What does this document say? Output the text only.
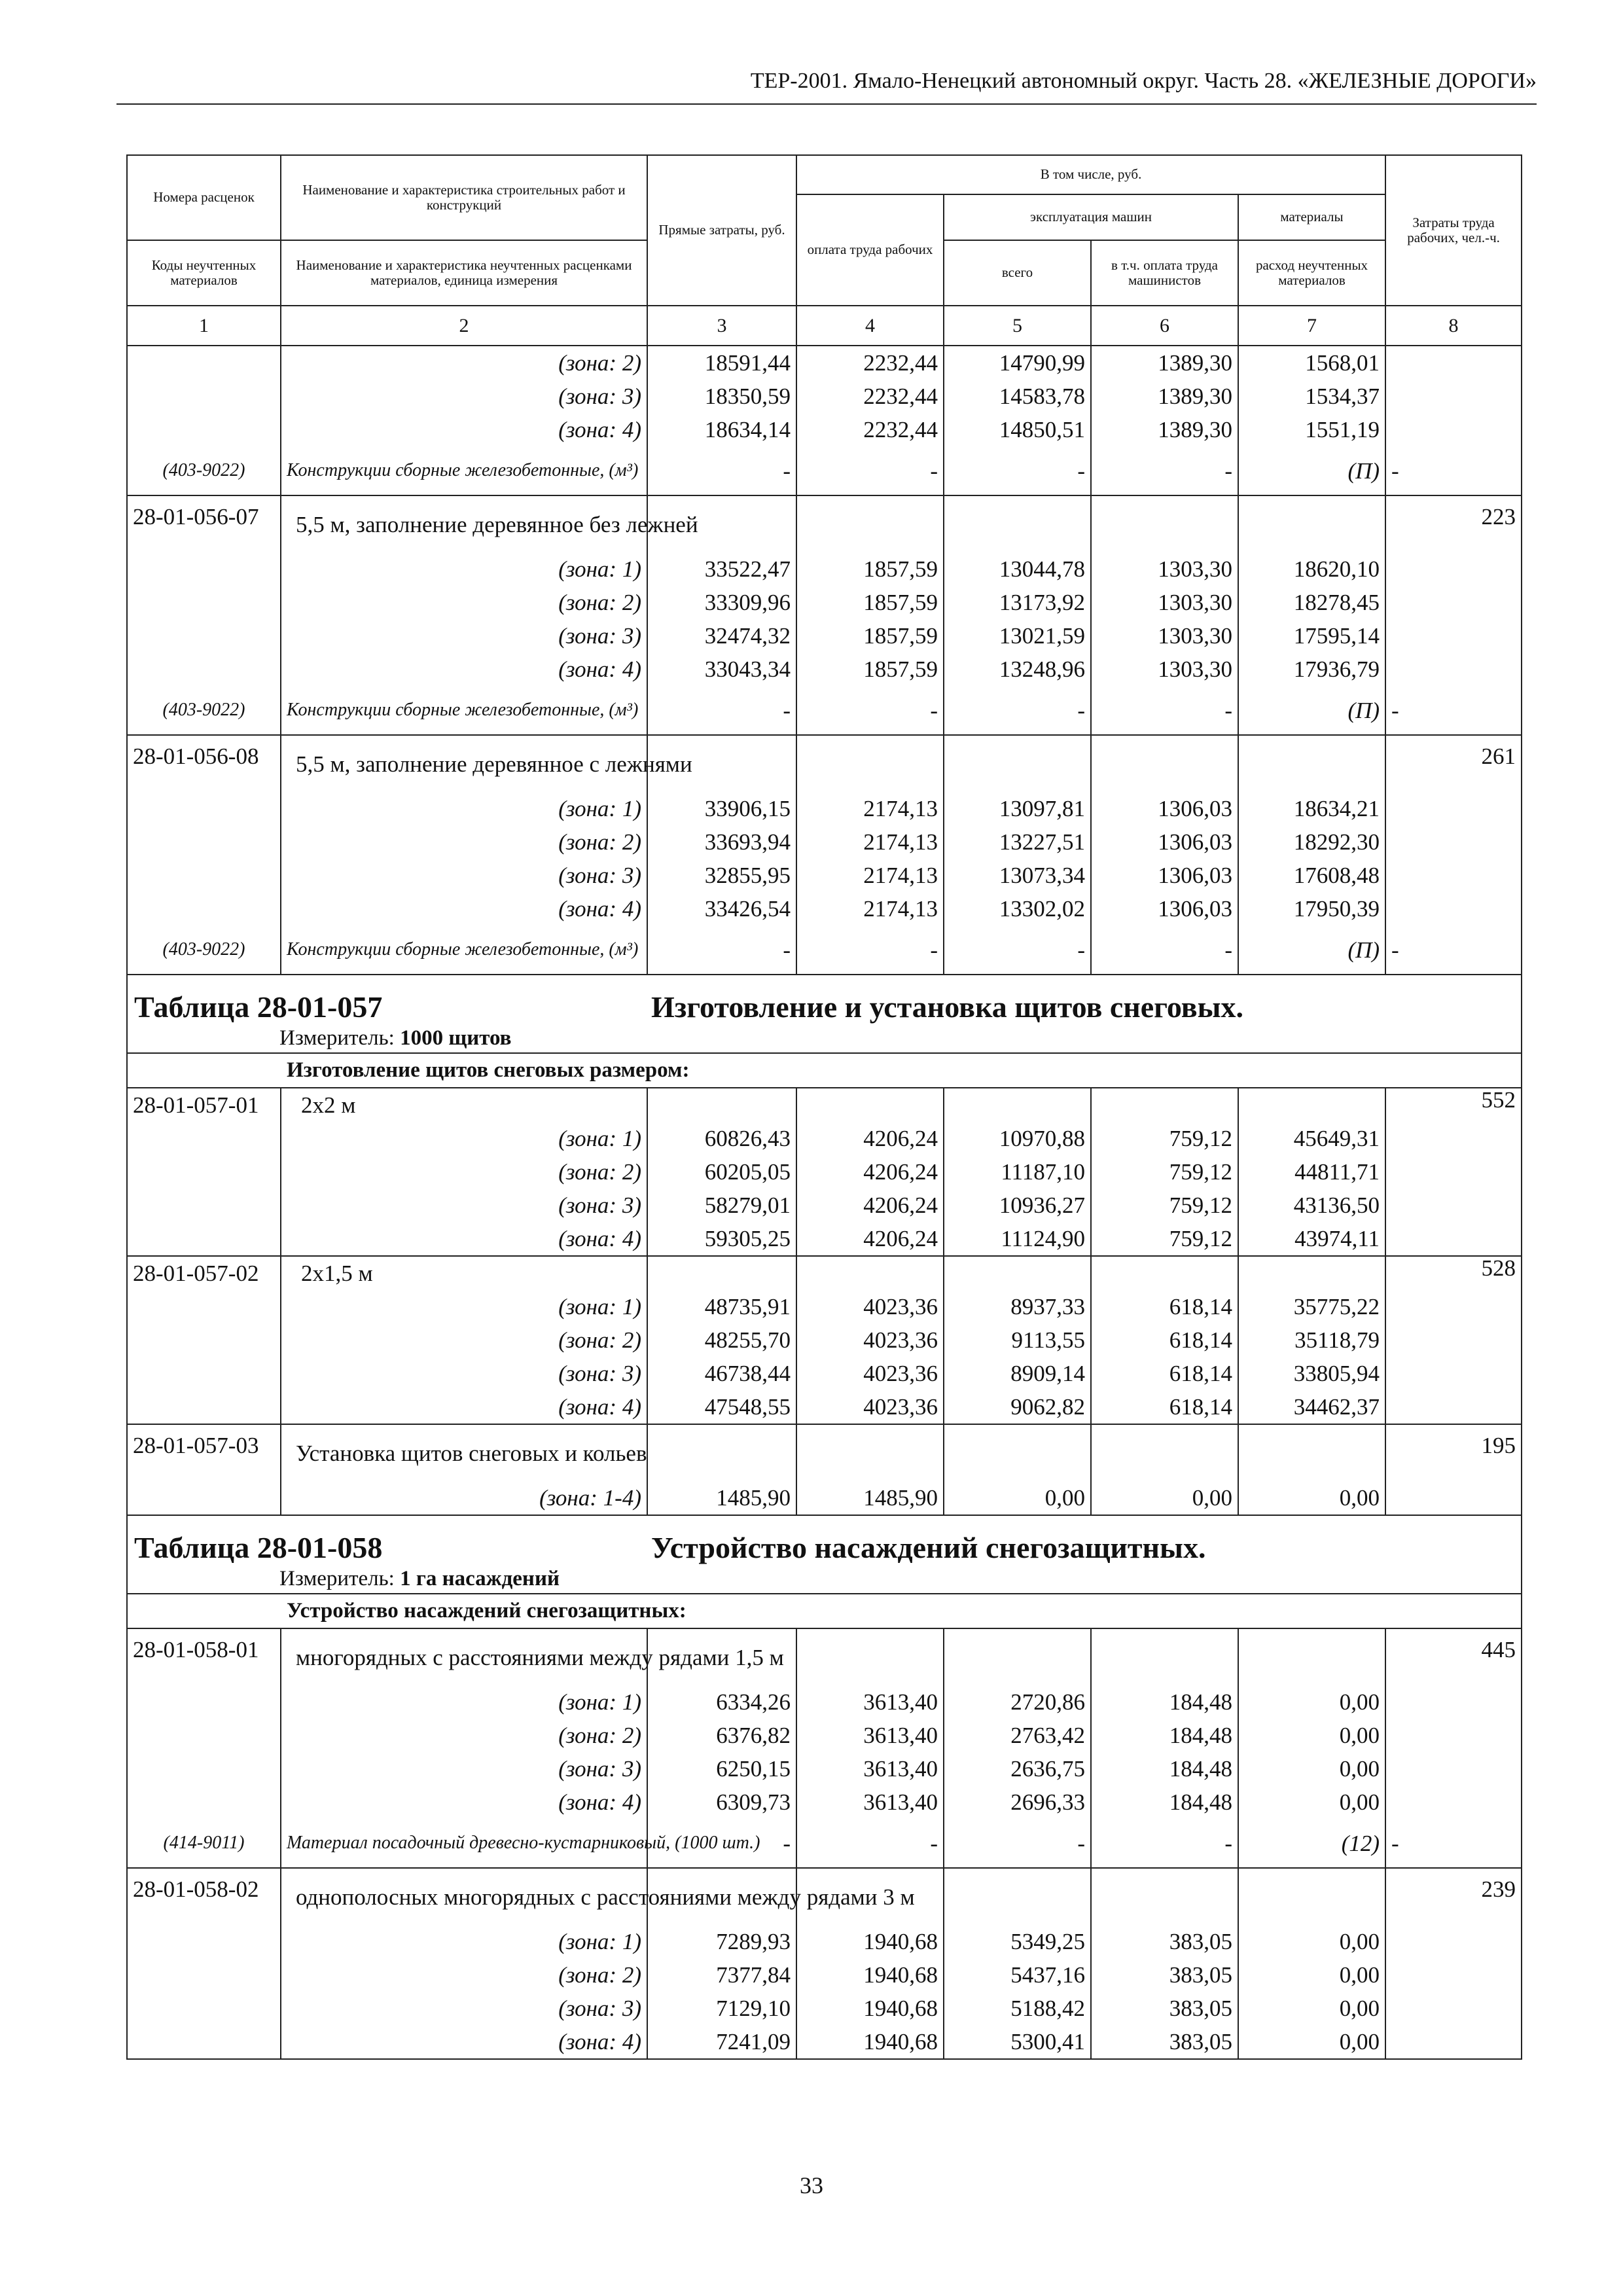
ТЕР-2001. Ямало-Ненецкий автономный округ. Часть 28. «ЖЕЛЕЗНЫЕ ДОРОГИ»
Номера расценок	Наименование и характеристика строительных работ и конструкций	Прямые затраты, руб.	В том числе, руб.				Затраты труда рабочих, чел.-ч.
			оплата труда рабочих	эксплуатация машин		материалы	
Коды неучтенных материалов	Наименование и характеристика неучтенных расценками материалов, единица измерения			всего	в т.ч. оплата труда машинистов	расход неучтенных материалов	
1	2	3	4	5	6	7	8
	(зона: 2)	18591,44	2232,44	14790,99	1389,30	1568,01	
	(зона: 3)	18350,59	2232,44	14583,78	1389,30	1534,37	
	(зона: 4)	18634,14	2232,44	14850,51	1389,30	1551,19	
(403-9022)	Конструкции сборные железобетонные, (м³)	-	-	-	-	(П)	-
28-01-056-07	5,5 м, заполнение деревянное без лежней						223
	(зона: 1)	33522,47	1857,59	13044,78	1303,30	18620,10	
	(зона: 2)	33309,96	1857,59	13173,92	1303,30	18278,45	
	(зона: 3)	32474,32	1857,59	13021,59	1303,30	17595,14	
	(зона: 4)	33043,34	1857,59	13248,96	1303,30	17936,79	
(403-9022)	Конструкции сборные железобетонные, (м³)	-	-	-	-	(П)	-
28-01-056-08	5,5 м, заполнение деревянное с лежнями						261
	(зона: 1)	33906,15	2174,13	13097,81	1306,03	18634,21	
	(зона: 2)	33693,94	2174,13	13227,51	1306,03	18292,30	
	(зона: 3)	32855,95	2174,13	13073,34	1306,03	17608,48	
	(зона: 4)	33426,54	2174,13	13302,02	1306,03	17950,39	
(403-9022)	Конструкции сборные железобетонные, (м³)	-	-	-	-	(П)	-

Таблица 28-01-057 Изготовление и установка щитов снеговых.
Измеритель: 1000 щитов							

Изготовление щитов снеговых размером:							
28-01-057-01	2х2 м						552
	(зона: 1)	60826,43	4206,24	10970,88	759,12	45649,31	
	(зона: 2)	60205,05	4206,24	11187,10	759,12	44811,71	
	(зона: 3)	58279,01	4206,24	10936,27	759,12	43136,50	
	(зона: 4)	59305,25	4206,24	11124,90	759,12	43974,11	
28-01-057-02	2х1,5 м						528
	(зона: 1)	48735,91	4023,36	8937,33	618,14	35775,22	
	(зона: 2)	48255,70	4023,36	9113,55	618,14	35118,79	
	(зона: 3)	46738,44	4023,36	8909,14	618,14	33805,94	
	(зона: 4)	47548,55	4023,36	9062,82	618,14	34462,37	
28-01-057-03	Установка щитов снеговых и кольев						195
	(зона: 1-4)	1485,90	1485,90	0,00	0,00	0,00	

Таблица 28-01-058 Устройство насаждений снегозащитных.
Измеритель: 1 га насаждений							

Устройство насаждений снегозащитных:							
28-01-058-01	многорядных с расстояниями между рядами 1,5 м						445
	(зона: 1)	6334,26	3613,40	2720,86	184,48	0,00	
	(зона: 2)	6376,82	3613,40	2763,42	184,48	0,00	
	(зона: 3)	6250,15	3613,40	2636,75	184,48	0,00	
	(зона: 4)	6309,73	3613,40	2696,33	184,48	0,00	
(414-9011)	Материал посадочный древесно-кустарниковый, (1000 шт.)	-	-	-	-	(12)	-
28-01-058-02	однополосных многорядных с расстояниями между рядами 3 м						239
	(зона: 1)	7289,93	1940,68	5349,25	383,05	0,00	
	(зона: 2)	7377,84	1940,68	5437,16	383,05	0,00	
	(зона: 3)	7129,10	1940,68	5188,42	383,05	0,00	
	(зона: 4)	7241,09	1940,68	5300,41	383,05	0,00	
33
